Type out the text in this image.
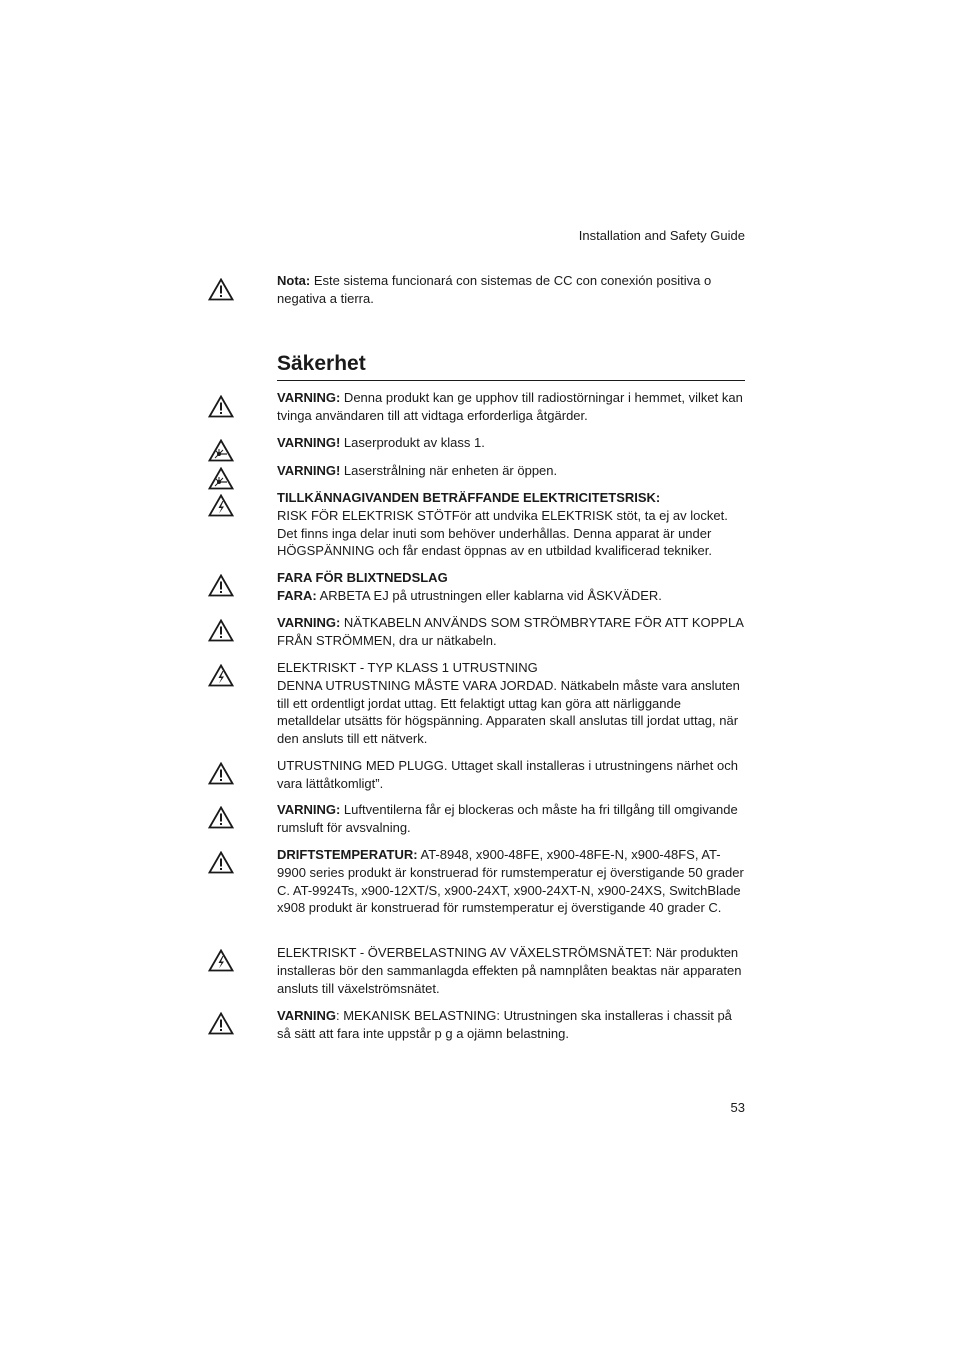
Installation and Safety Guide
Nota: Este sistema funcionará con sistemas de CC con conexión positiva o negativa a tierra.
Säkerhet
VARNING: Denna produkt kan ge upphov till radiostörningar i hemmet, vilket kan tvinga användaren till att vidtaga erforderliga åtgärder.
VARNING! Laserprodukt av klass 1.
VARNING! Laserstrålning när enheten är öppen.
TILLKÄNNAGIVANDEN BETRÄFFANDE ELEKTRICITETSRISK:
RISK FÖR ELEKTRISK STÖTFör att undvika ELEKTRISK stöt, ta ej av locket. Det finns inga delar inuti som behöver underhållas. Denna apparat är under HÖGSPÄNNING och får endast öppnas av en utbildad kvalificerad tekniker.
FARA FÖR BLIXTNEDSLAG
FARA: ARBETA EJ på utrustningen eller kablarna vid ÅSKVÄDER.
VARNING: NÄTKABELN ANVÄNDS SOM STRÖMBRYTARE FÖR ATT KOPPLA FRÅN STRÖMMEN, dra ur nätkabeln.
ELEKTRISKT - TYP KLASS 1 UTRUSTNING
DENNA UTRUSTNING MÅSTE VARA JORDAD. Nätkabeln måste vara ansluten till ett ordentligt jordat uttag. Ett felaktigt uttag kan göra att närliggande metalldelar utsätts för högspänning. Apparaten skall anslutas till jordat uttag, när den ansluts till ett nätverk.
UTRUSTNING MED PLUGG. Uttaget skall installeras i utrustningens närhet och vara lättåtkomligt”.
VARNING: Luftventilerna får ej blockeras och måste ha fri tillgång till omgivande rumsluft för avsvalning.
DRIFTSTEMPERATUR: AT-8948, x900-48FE, x900-48FE-N, x900-48FS, AT-9900 series produkt är konstruerad för rumstemperatur ej överstigande 50 grader C. AT-9924Ts, x900-12XT/S, x900-24XT, x900-24XT-N, x900-24XS, SwitchBlade x908 produkt är konstruerad för rumstemperatur ej överstigande 40 grader C.
ELEKTRISKT - ÖVERBELASTNING AV VÄXELSTRÖMSNÄTET: När produkten installeras bör den sammanlagda effekten på namnplåten beaktas när apparaten ansluts till växelströmsnätet.
VARNING: MEKANISK BELASTNING: Utrustningen ska installeras i chassit på så sätt att fara inte uppstår p g a ojämn belastning.
53
